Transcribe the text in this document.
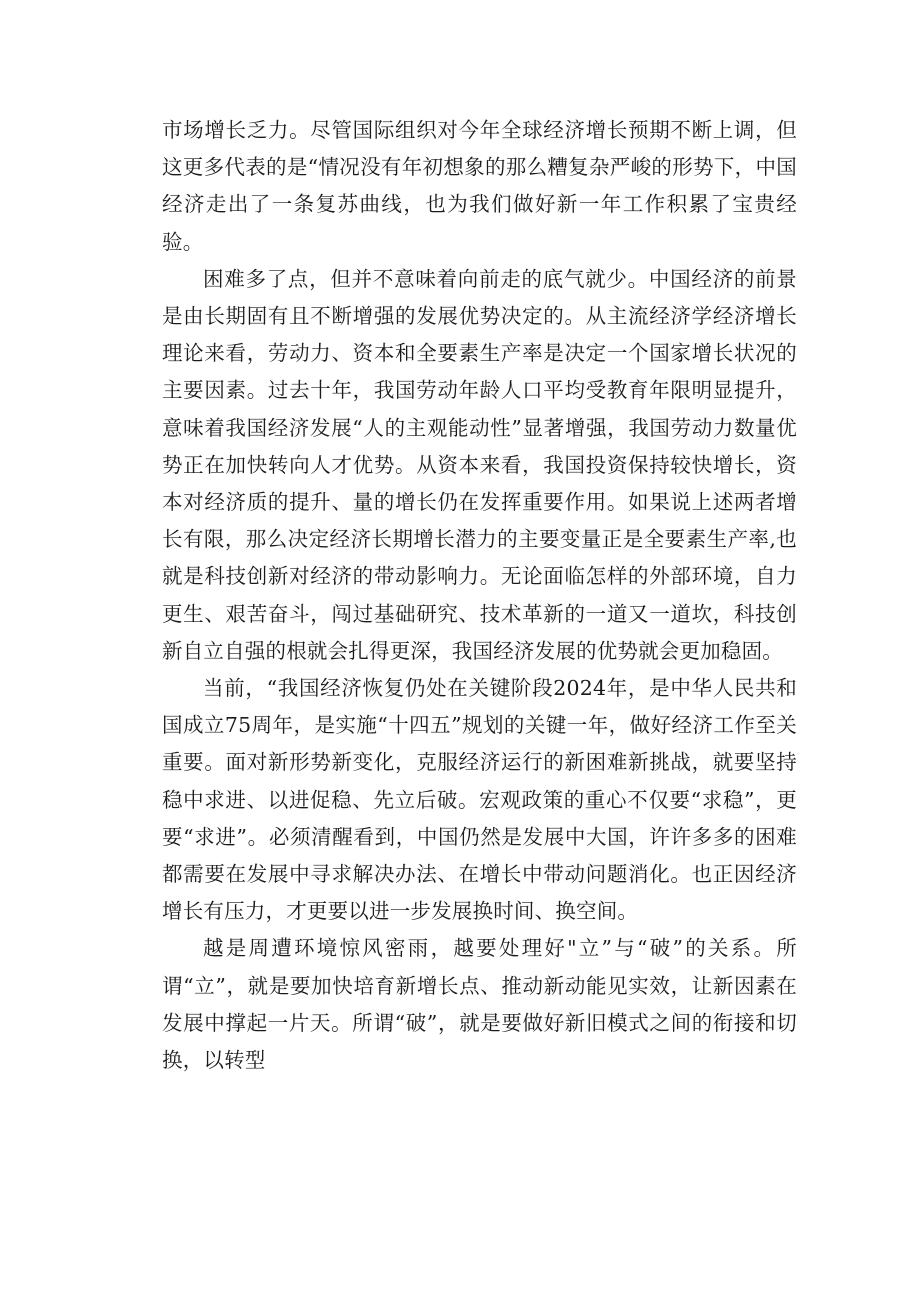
市场增长乏力。尽管国际组织对今年全球经济增长预期不断上调，但这更多代表的是“情况没有年初想象的那么糟复杂严峻的形势下，中国经济走出了一条复苏曲线，也为我们做好新一年工作积累了宝贵经验。

困难多了点，但并不意味着向前走的底气就少。中国经济的前景是由长期固有且不断增强的发展优势决定的。从主流经济学经济增长理论来看，劳动力、资本和全要素生产率是决定一个国家增长状况的主要因素。过去十年，我国劳动年龄人口平均受教育年限明显提升，意味着我国经济发展“人的主观能动性”显著增强，我国劳动力数量优势正在加快转向人才优势。从资本来看，我国投资保持较快增长，资本对经济质的提升、量的增长仍在发挥重要作用。如果说上述两者增长有限，那么决定经济长期增长潜力的主要变量正是全要素生产率,也就是科技创新对经济的带动影响力。无论面临怎样的外部环境，自力更生、艰苦奋斗，闯过基础研究、技术革新的一道又一道坎，科技创新自立自强的根就会扎得更深，我国经济发展的优势就会更加稳固。

当前，“我国经济恢复仍处在关键阶段2024年，是中华人民共和国成立75周年，是实施“十四五”规划的关键一年，做好经济工作至关重要。面对新形势新变化，克服经济运行的新困难新挑战，就要坚持稳中求进、以进促稳、先立后破。宏观政策的重心不仅要“求稳”，更要“求进”。必须清醒看到，中国仍然是发展中大国，许许多多的困难都需要在发展中寻求解决办法、在增长中带动问题消化。也正因经济增长有压力，才更要以进一步发展换时间、换空间。

越是周遭环境惊风密雨，越要处理好"立”与“破”的关系。所谓“立”，就是要加快培育新增长点、推动新动能见实效，让新因素在发展中撑起一片天。所谓“破”，就是要做好新旧模式之间的衔接和切换，以转型
